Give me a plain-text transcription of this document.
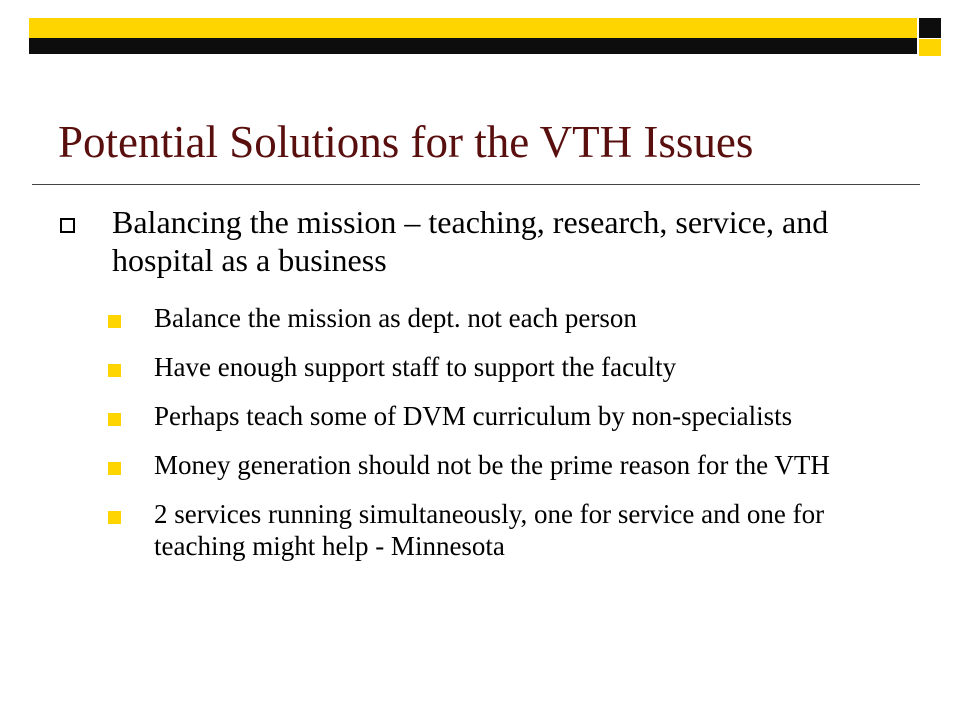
Potential Solutions for the VTH Issues
Balancing the mission – teaching, research, service, and hospital as a business
Balance the mission as dept. not each person
Have enough support staff to support the faculty
Perhaps teach some of DVM curriculum by non-specialists
Money generation should not be the prime reason for the VTH
2 services running simultaneously, one for service and one for teaching might help - Minnesota
